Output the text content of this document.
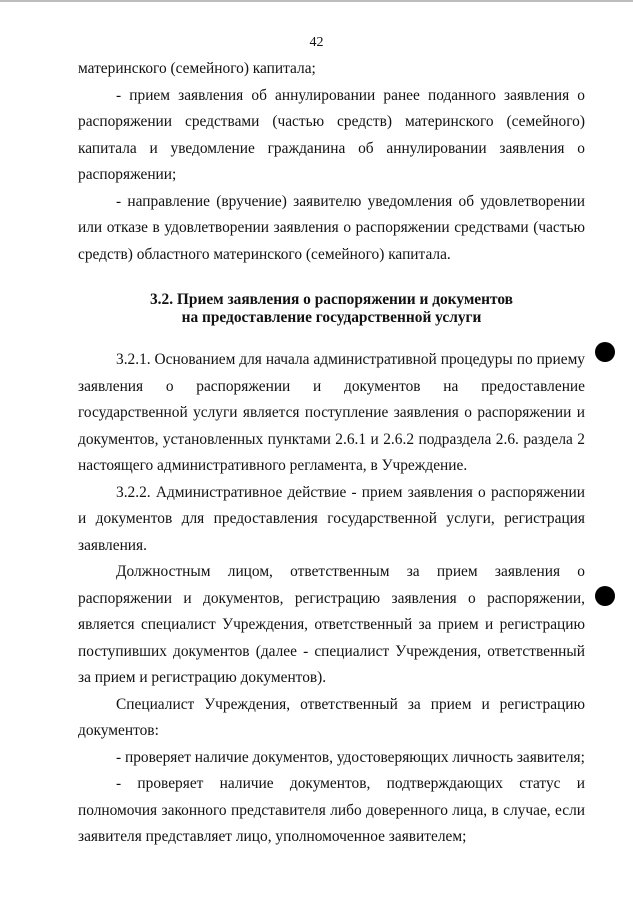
42
материнского (семейного) капитала;
- прием заявления об аннулировании ранее поданного заявления о распоряжении средствами (частью средств) материнского (семейного) капитала и уведомление гражданина об аннулировании заявления о распоряжении;
- направление (вручение) заявителю уведомления об удовлетворении или отказе в удовлетворении заявления о распоряжении средствами (частью средств) областного материнского (семейного) капитала.
3.2. Прием заявления о распоряжении и документов
на предоставление государственной услуги
3.2.1. Основанием для начала административной процедуры по приему заявления о распоряжении и документов на предоставление государственной услуги является поступление заявления о распоряжении и документов, установленных пунктами 2.6.1 и 2.6.2 подраздела 2.6. раздела 2 настоящего административного регламента, в Учреждение.
3.2.2. Административное действие - прием заявления о распоряжении и документов для предоставления государственной услуги, регистрация заявления.
Должностным лицом, ответственным за прием заявления о распоряжении и документов, регистрацию заявления о распоряжении, является специалист Учреждения, ответственный за прием и регистрацию поступивших документов (далее - специалист Учреждения, ответственный за прием и регистрацию документов).
Специалист Учреждения, ответственный за прием и регистрацию документов:
- проверяет наличие документов, удостоверяющих личность заявителя;
- проверяет наличие документов, подтверждающих статус и полномочия законного представителя либо доверенного лица, в случае, если заявителя представляет лицо, уполномоченное заявителем;
